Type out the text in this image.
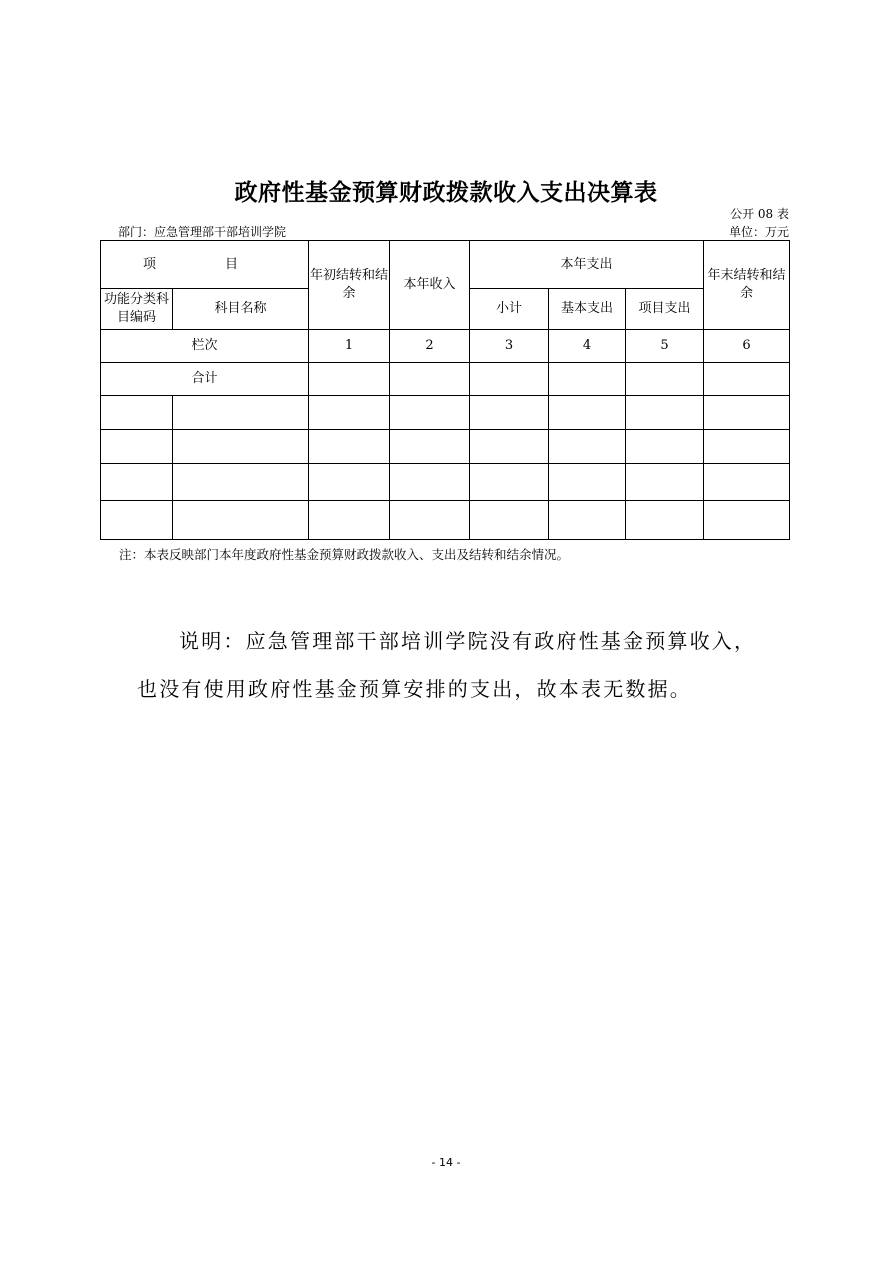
政府性基金预算财政拨款收入支出决算表
公开 08 表
部门：应急管理部干部培训学院	单位：万元
项　目		年初结转和结余	本年收入	本年支出			年末结转和结余
功能分类科目编码	科目名称			小计	基本支出	项目支出	
栏次		1	2	3	4	5	6
合计							

注：本表反映部门本年度政府性基金预算财政拨款收入、支出及结转和结余情况。

说明：应急管理部干部培训学院没有政府性基金预算收入，也没有使用政府性基金预算安排的支出，故本表无数据。

- 14 -
